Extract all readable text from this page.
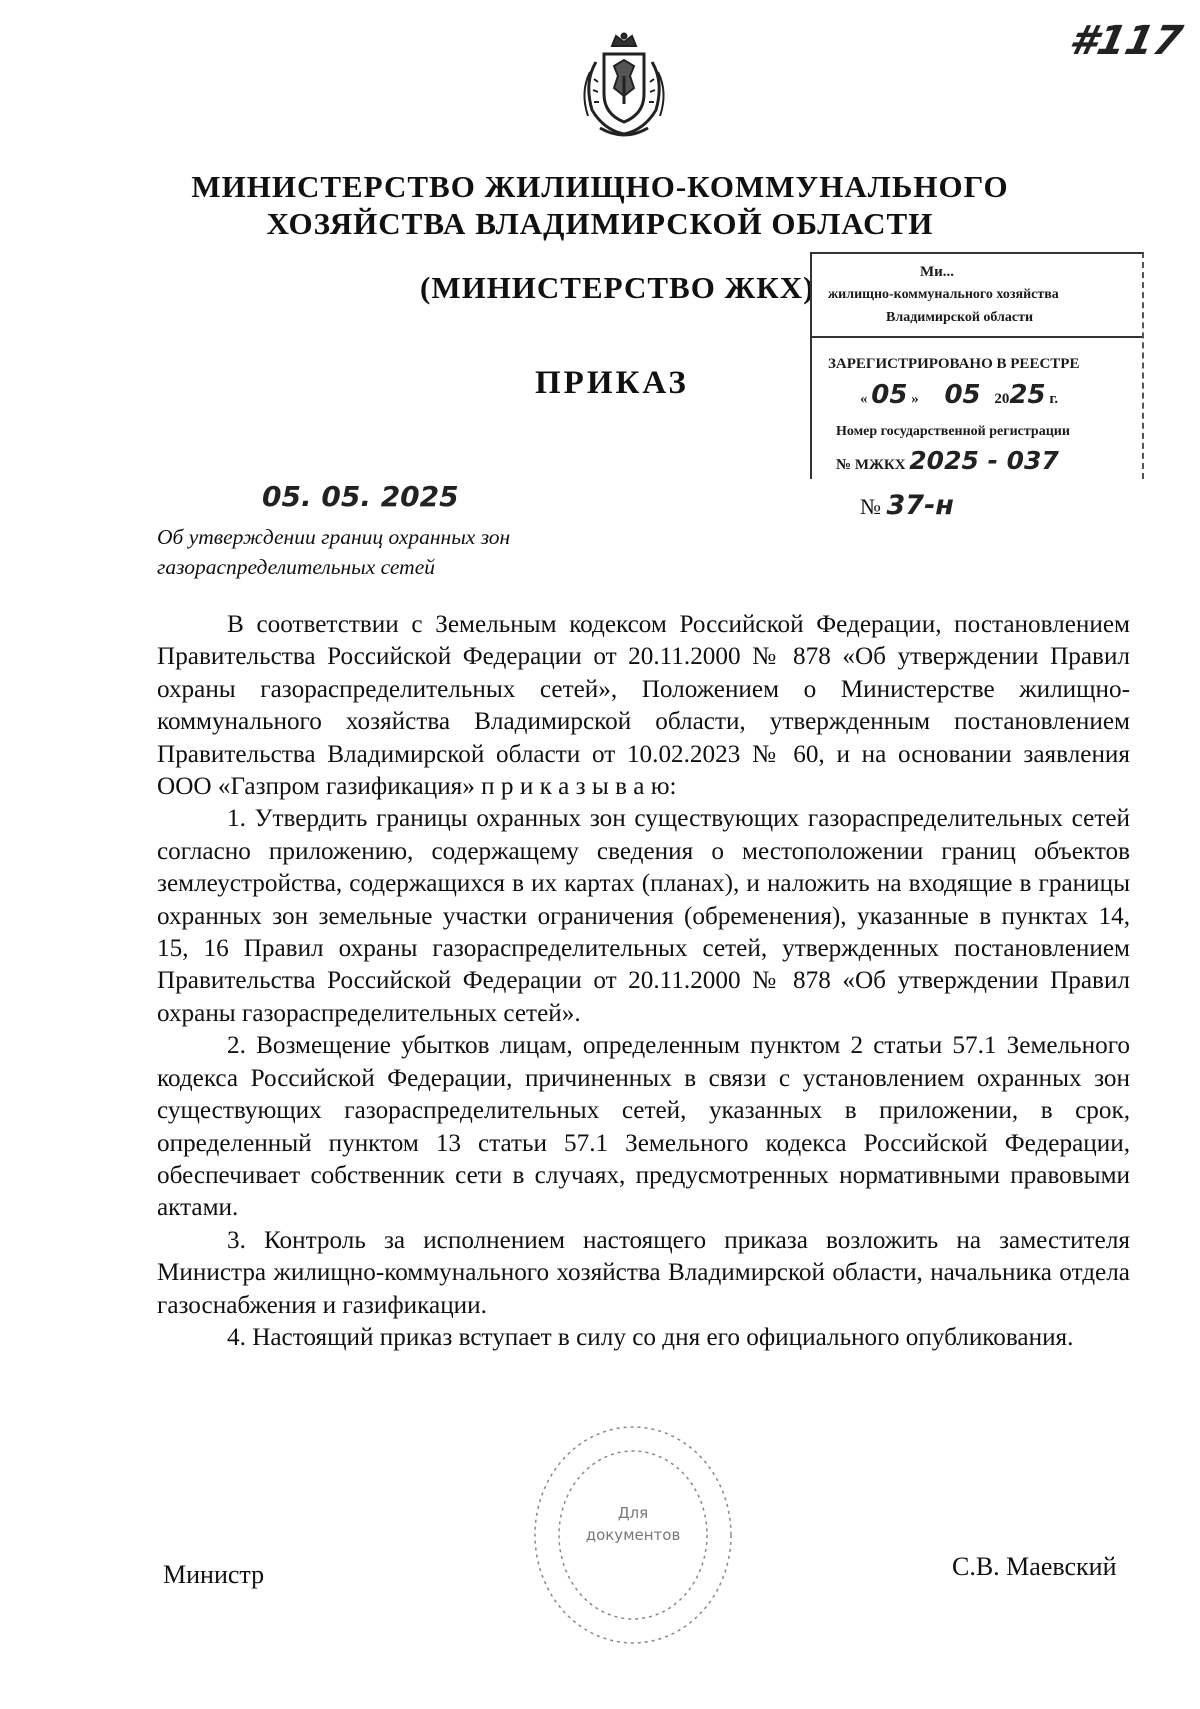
#117
МИНИСТЕРСТВО ЖИЛИЩНО-КОММУНАЛЬНОГО
ХОЗЯЙСТВА ВЛАДИМИРСКОЙ ОБЛАСТИ
(МИНИСТЕРСТВО ЖКХ)
ПРИКАЗ
Ми...
жилищно-коммунального хозяйства
Владимирской области
ЗАРЕГИСТРИРОВАНО В РЕЕСТРЕ
« 05 » 05 2025 г.
Номер государственной регистрации
№ МЖКХ 2025 - 037
05. 05. 2025	№ 37-н
Об утверждении границ охранных зон газораспределительных сетей

В соответствии с Земельным кодексом Российской Федерации, постановлением Правительства Российской Федерации от 20.11.2000 № 878 «Об утверждении Правил охраны газораспределительных сетей», Положением о Министерстве жилищно-коммунального хозяйства Владимирской области, утвержденным постановлением Правительства Владимирской области от 10.02.2023 № 60, и на основании заявления ООО «Газпром газификация» п р и к а з ы в а ю:

1. Утвердить границы охранных зон существующих газораспределительных сетей согласно приложению, содержащему сведения о местоположении границ объектов землеустройства, содержащихся в их картах (планах), и наложить на входящие в границы охранных зон земельные участки ограничения (обременения), указанные в пунктах 14, 15, 16 Правил охраны газораспределительных сетей, утвержденных постановлением Правительства Российской Федерации от 20.11.2000 № 878 «Об утверждении Правил охраны газораспределительных сетей».

2. Возмещение убытков лицам, определенным пунктом 2 статьи 57.1 Земельного кодекса Российской Федерации, причиненных в связи с установлением охранных зон существующих газораспределительных сетей, указанных в приложении, в срок, определенный пунктом 13 статьи 57.1 Земельного кодекса Российской Федерации, обеспечивает собственник сети в случаях, предусмотренных нормативными правовыми актами.

3. Контроль за исполнением настоящего приказа возложить на заместителя Министра жилищно-коммунального хозяйства Владимирской области, начальника отдела газоснабжения и газификации.

4. Настоящий приказ вступает в силу со дня его официального опубликования.

Для
документов
Министр	С.В. Маевский
